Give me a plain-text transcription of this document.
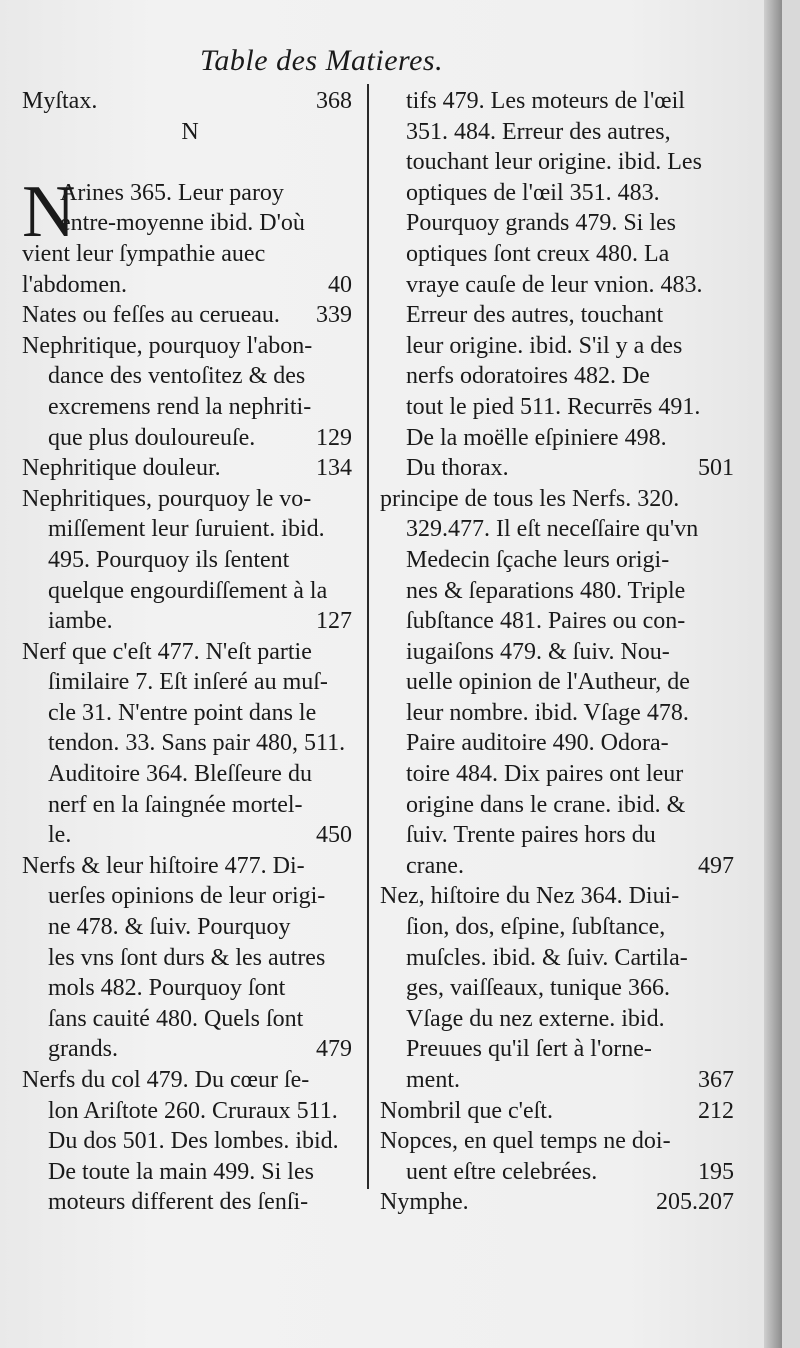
Table des Matieres.
Myſtax.	368
N
N
Arines 365. Leur paroy
entre-moyenne ibid. D'où
vient leur ſympathie auec
l'abdomen.	40
Nates ou feſſes au cerueau. 339
Nephritique, pourquoy l'abon-
dance des ventoſitez & des
excremens rend la nephriti-
que plus douloureuſe.	129
Nephritique douleur.	134
Nephritiques, pourquoy le vo-
miſſement leur ſuruient. ibid.
495. Pourquoy ils ſentent
quelque engourdiſſement à la
iambe.	127
Nerf que c'eſt 477. N'eſt partie
ſimilaire 7. Eſt inſeré au muſ-
cle 31. N'entre point dans le
tendon. 33. Sans pair 480, 511.
Auditoire 364. Bleſſeure du
nerf en la ſaingnée mortel-
le.	450
Nerfs & leur hiſtoire 477. Di-
uerſes opinions de leur origi-
ne 478. & ſuiv. Pourquoy
les vns ſont durs & les autres
mols 482. Pourquoy ſont
ſans cauité 480. Quels ſont
grands.	479
Nerfs du col 479. Du cœur ſe-
lon Ariſtote 260. Cruraux 511.
Du dos 501. Des lombes. ibid.
De toute la main 499. Si les
moteurs different des ſenſi-
tifs 479. Les moteurs de l'œil
351. 484. Erreur des autres,
touchant leur origine. ibid. Les
optiques de l'œil 351. 483.
Pourquoy grands 479. Si les
optiques ſont creux 480. La
vraye cauſe de leur vnion. 483.
Erreur des autres, touchant
leur origine. ibid. S'il y a des
nerfs odoratoires 482. De
tout le pied 511. Recurrēs 491.
De la moëlle eſpiniere 498.
Du thorax.	501
principe de tous les Nerfs. 320.
329.477. Il eſt neceſſaire qu'vn
Medecin ſçache leurs origi-
nes & ſeparations 480. Triple
ſubſtance 481. Paires ou con-
iugaiſons 479. & ſuiv. Nou-
uelle opinion de l'Autheur, de
leur nombre. ibid. Vſage 478.
Paire auditoire 490. Odora-
toire 484. Dix paires ont leur
origine dans le crane. ibid. &
ſuiv. Trente paires hors du
crane.	497
Nez, hiſtoire du Nez 364. Diui-
ſion, dos, eſpine, ſubſtance,
muſcles. ibid. & ſuiv. Cartila-
ges, vaiſſeaux, tunique 366.
Vſage du nez externe. ibid.
Preuues qu'il ſert à l'orne-
ment.	367
Nombril que c'eſt.	212
Nopces, en quel temps ne doi-
uent eſtre celebrées.	195
Nymphe.	205.207
